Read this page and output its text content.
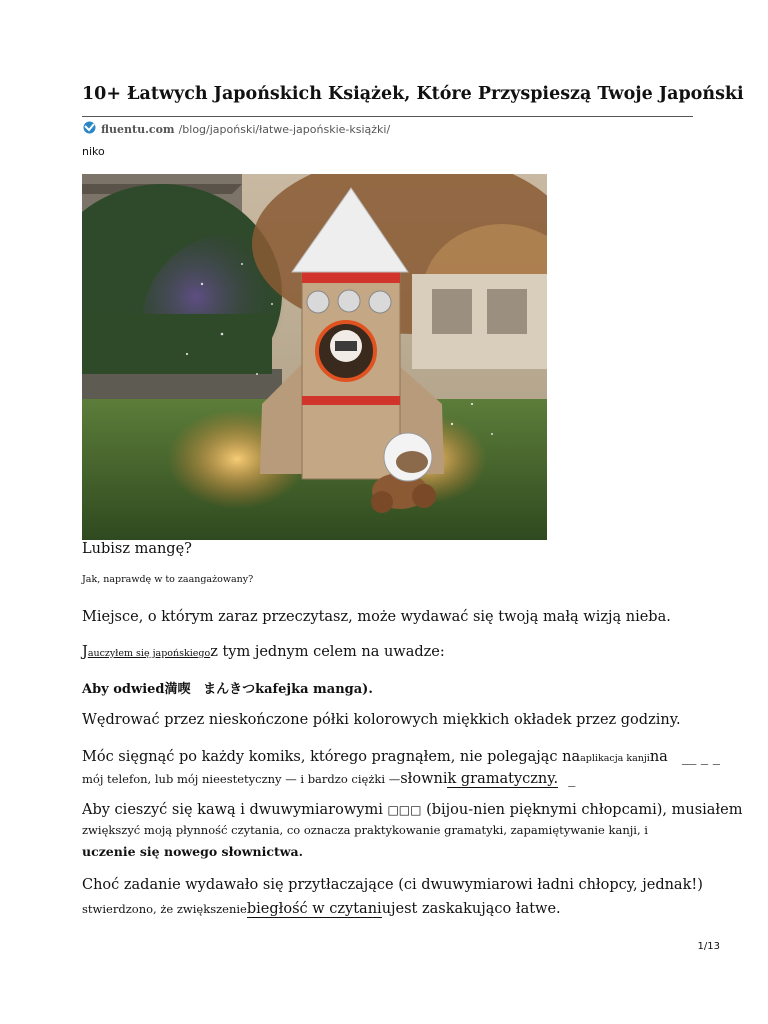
10+ Łatwych Japońskich Książek, Które Przyspieszą Twoje Japoński
fluentu.com /blog/japoński/łatwe-japońskie-książki/
niko
Lubisz mangę?
Jak, naprawdę w to zaangażowany?
Miejsce, o którym zaraz przeczytasz, może wydawać się twoją małą wizją nieba.
Jauczyłem się japońskiegoz tym jednym celem na uwadze:
Aby odwied満喫 まんきつkafejka manga).
Wędrować przez nieskończone półki kolorowych miękkich okładek przez godziny.
Móc sięgnąć po każdy komiks, którego pragnąłem, nie polegając naaplikacja kanjina __ _ _
mój telefon, lub mój nieestetyczny — i bardzo ciężki —słownik gramatyczny. _
Aby cieszyć się kawą i dwuwymiarowymi □□□ (bijou-nien pięknymi chłopcami), musiałem
zwiększyć moją płynność czytania, co oznacza praktykowanie gramatyki, zapamiętywanie kanji, i
uczenie się nowego słownictwa.
Choć zadanie wydawało się przytłaczające (ci dwuwymiarowi ładni chłopcy, jednak!)
stwierdzono, że zwiększeniebiegłość w czytaniujest zaskakująco łatwe.
1/13
